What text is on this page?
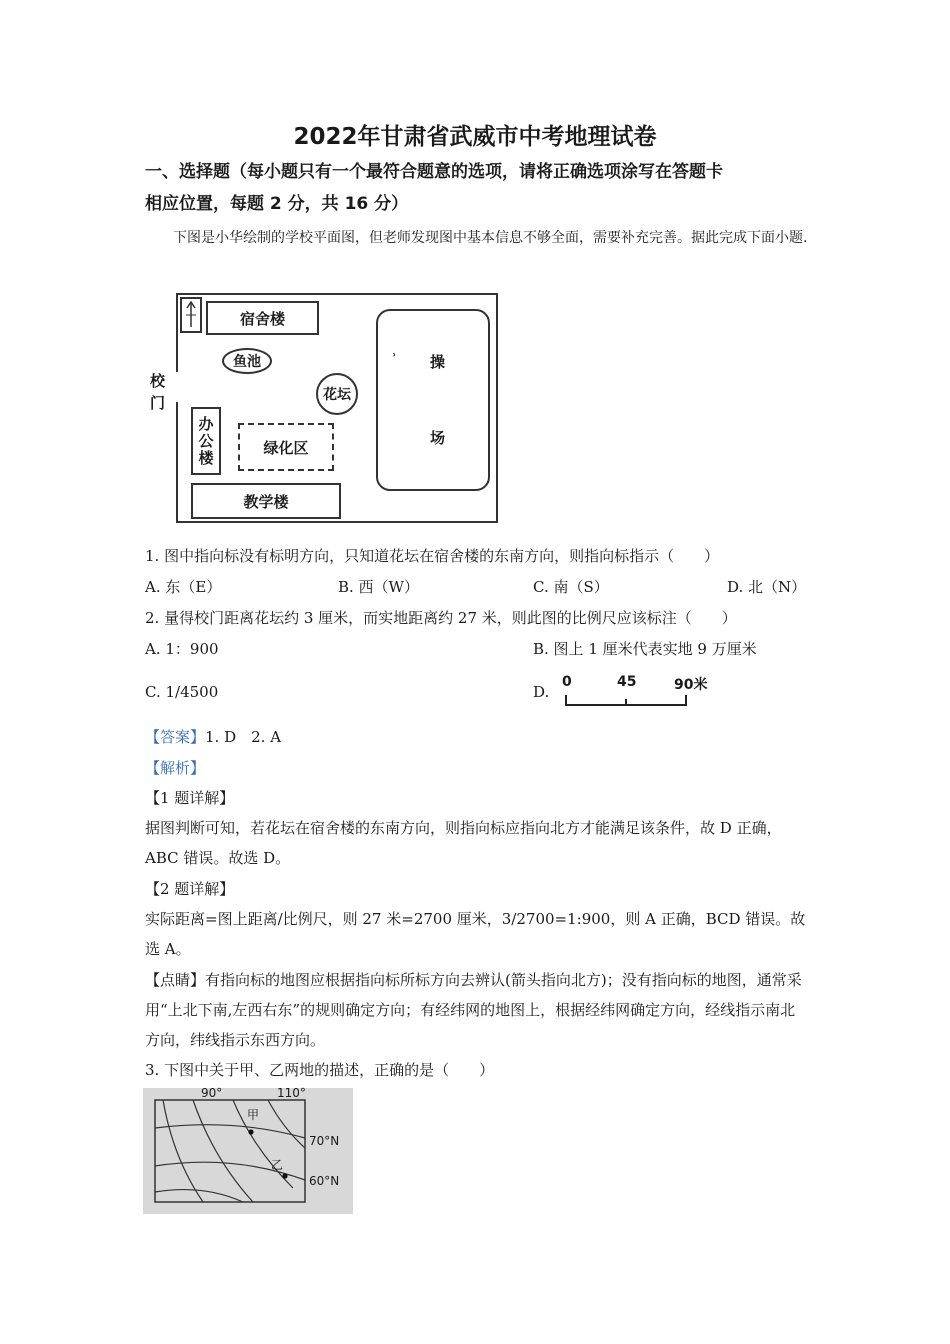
2022年甘肃省武威市中考地理试卷
一、选择题（每小题只有一个最符合题意的选项，请将正确选项涂写在答题卡
相应位置，每题 2 分，共 16 分）
下图是小华绘制的学校平面图，但老师发现图中基本信息不够全面，需要补充完善。据此完成下面小题.
宿舍楼
鱼池
花坛
操
场
˒
办公楼	绿化区
教学楼
校门
1. 图中指向标没有标明方向，只知道花坛在宿舍楼的东南方向，则指向标指示（　　）
A. 东（E）	B. 西（W）	C. 南（S）	D. 北（N）
2. 量得校门距离花坛约 3 厘米，而实地距离约 27 米，则此图的比例尺应该标注（　　）
A. 1：900	B. 图上 1 厘米代表实地 9 万厘米
C. 1/4500	D.
0	45	90米
【答案】1. D　2. A
【解析】
【1 题详解】
据图判断可知，若花坛在宿舍楼的东南方向，则指向标应指向北方才能满足该条件，故 D 正确，ABC 错误。故选 D。
【2 题详解】
实际距离=图上距离/比例尺，则 27 米=2700 厘米，3/2700=1:900，则 A 正确，BCD 错误。故选 A。
【点睛】有指向标的地图应根据指向标所标方向去辨认(箭头指向北方)；没有指向标的地图，通常采用“上北下南,左西右东”的规则确定方向；有经纬网的地图上，根据经纬网确定方向，经线指示南北方向，纬线指示东西方向。
3. 下图中关于甲、乙两地的描述，正确的是（　　）
90°	110°
70°N
60°N
甲
乙
